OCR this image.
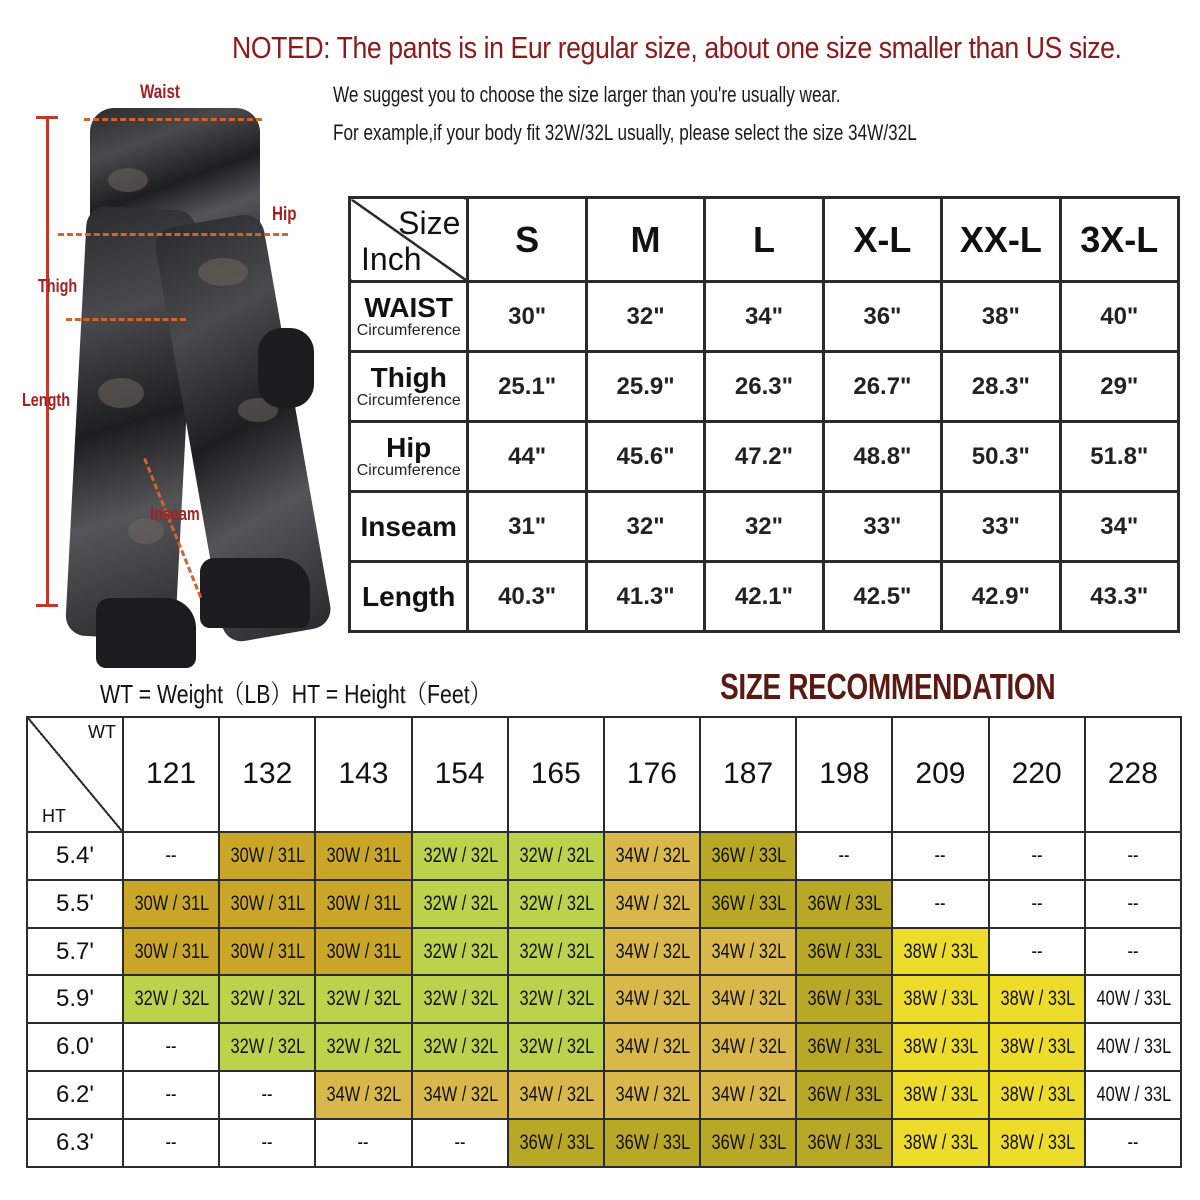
NOTED: The pants is in Eur regular size, about one size smaller than US size.
We suggest you to choose the size larger than you're usually wear.
For example,if your body fit 32W/32L usually, please select the size 34W/32L
Waist
Hip
Thigh
Length
Inseam
Size
Inch	S	M	L	X-L	XX-L	3X-L

WAIST
Circumference	30"	32"	34"	36"	38"	40"

Thigh
Circumference	25.1"	25.9"	26.3"	26.7"	28.3"	29"

Hip
Circumference	44"	45.6"	47.2"	48.8"	50.3"	51.8"

Inseam	31"	32"	32"	33"	33"	34"

Length	40.3"	41.3"	42.1"	42.5"	42.9"	43.3"
WT = Weight（LB）HT = Height（Feet）	SIZE RECOMMENDATION
WT
HT	121	132	143	154	165	176	187	198	209	220	228
5.4'	--	30W / 31L	30W / 31L	32W / 32L	32W / 32L	34W / 32L	36W / 33L	--	--	--	--
5.5'	30W / 31L	30W / 31L	30W / 31L	32W / 32L	32W / 32L	34W / 32L	36W / 33L	36W / 33L	--	--	--
5.7'	30W / 31L	30W / 31L	30W / 31L	32W / 32L	32W / 32L	34W / 32L	34W / 32L	36W / 33L	38W / 33L	--	--
5.9'	32W / 32L	32W / 32L	32W / 32L	32W / 32L	32W / 32L	34W / 32L	34W / 32L	36W / 33L	38W / 33L	38W / 33L	40W / 33L
6.0'	--	32W / 32L	32W / 32L	32W / 32L	32W / 32L	34W / 32L	34W / 32L	36W / 33L	38W / 33L	38W / 33L	40W / 33L
6.2'	--	--	34W / 32L	34W / 32L	34W / 32L	34W / 32L	34W / 32L	36W / 33L	38W / 33L	38W / 33L	40W / 33L
6.3'	--	--	--	--	36W / 33L	36W / 33L	36W / 33L	36W / 33L	38W / 33L	38W / 33L	--
